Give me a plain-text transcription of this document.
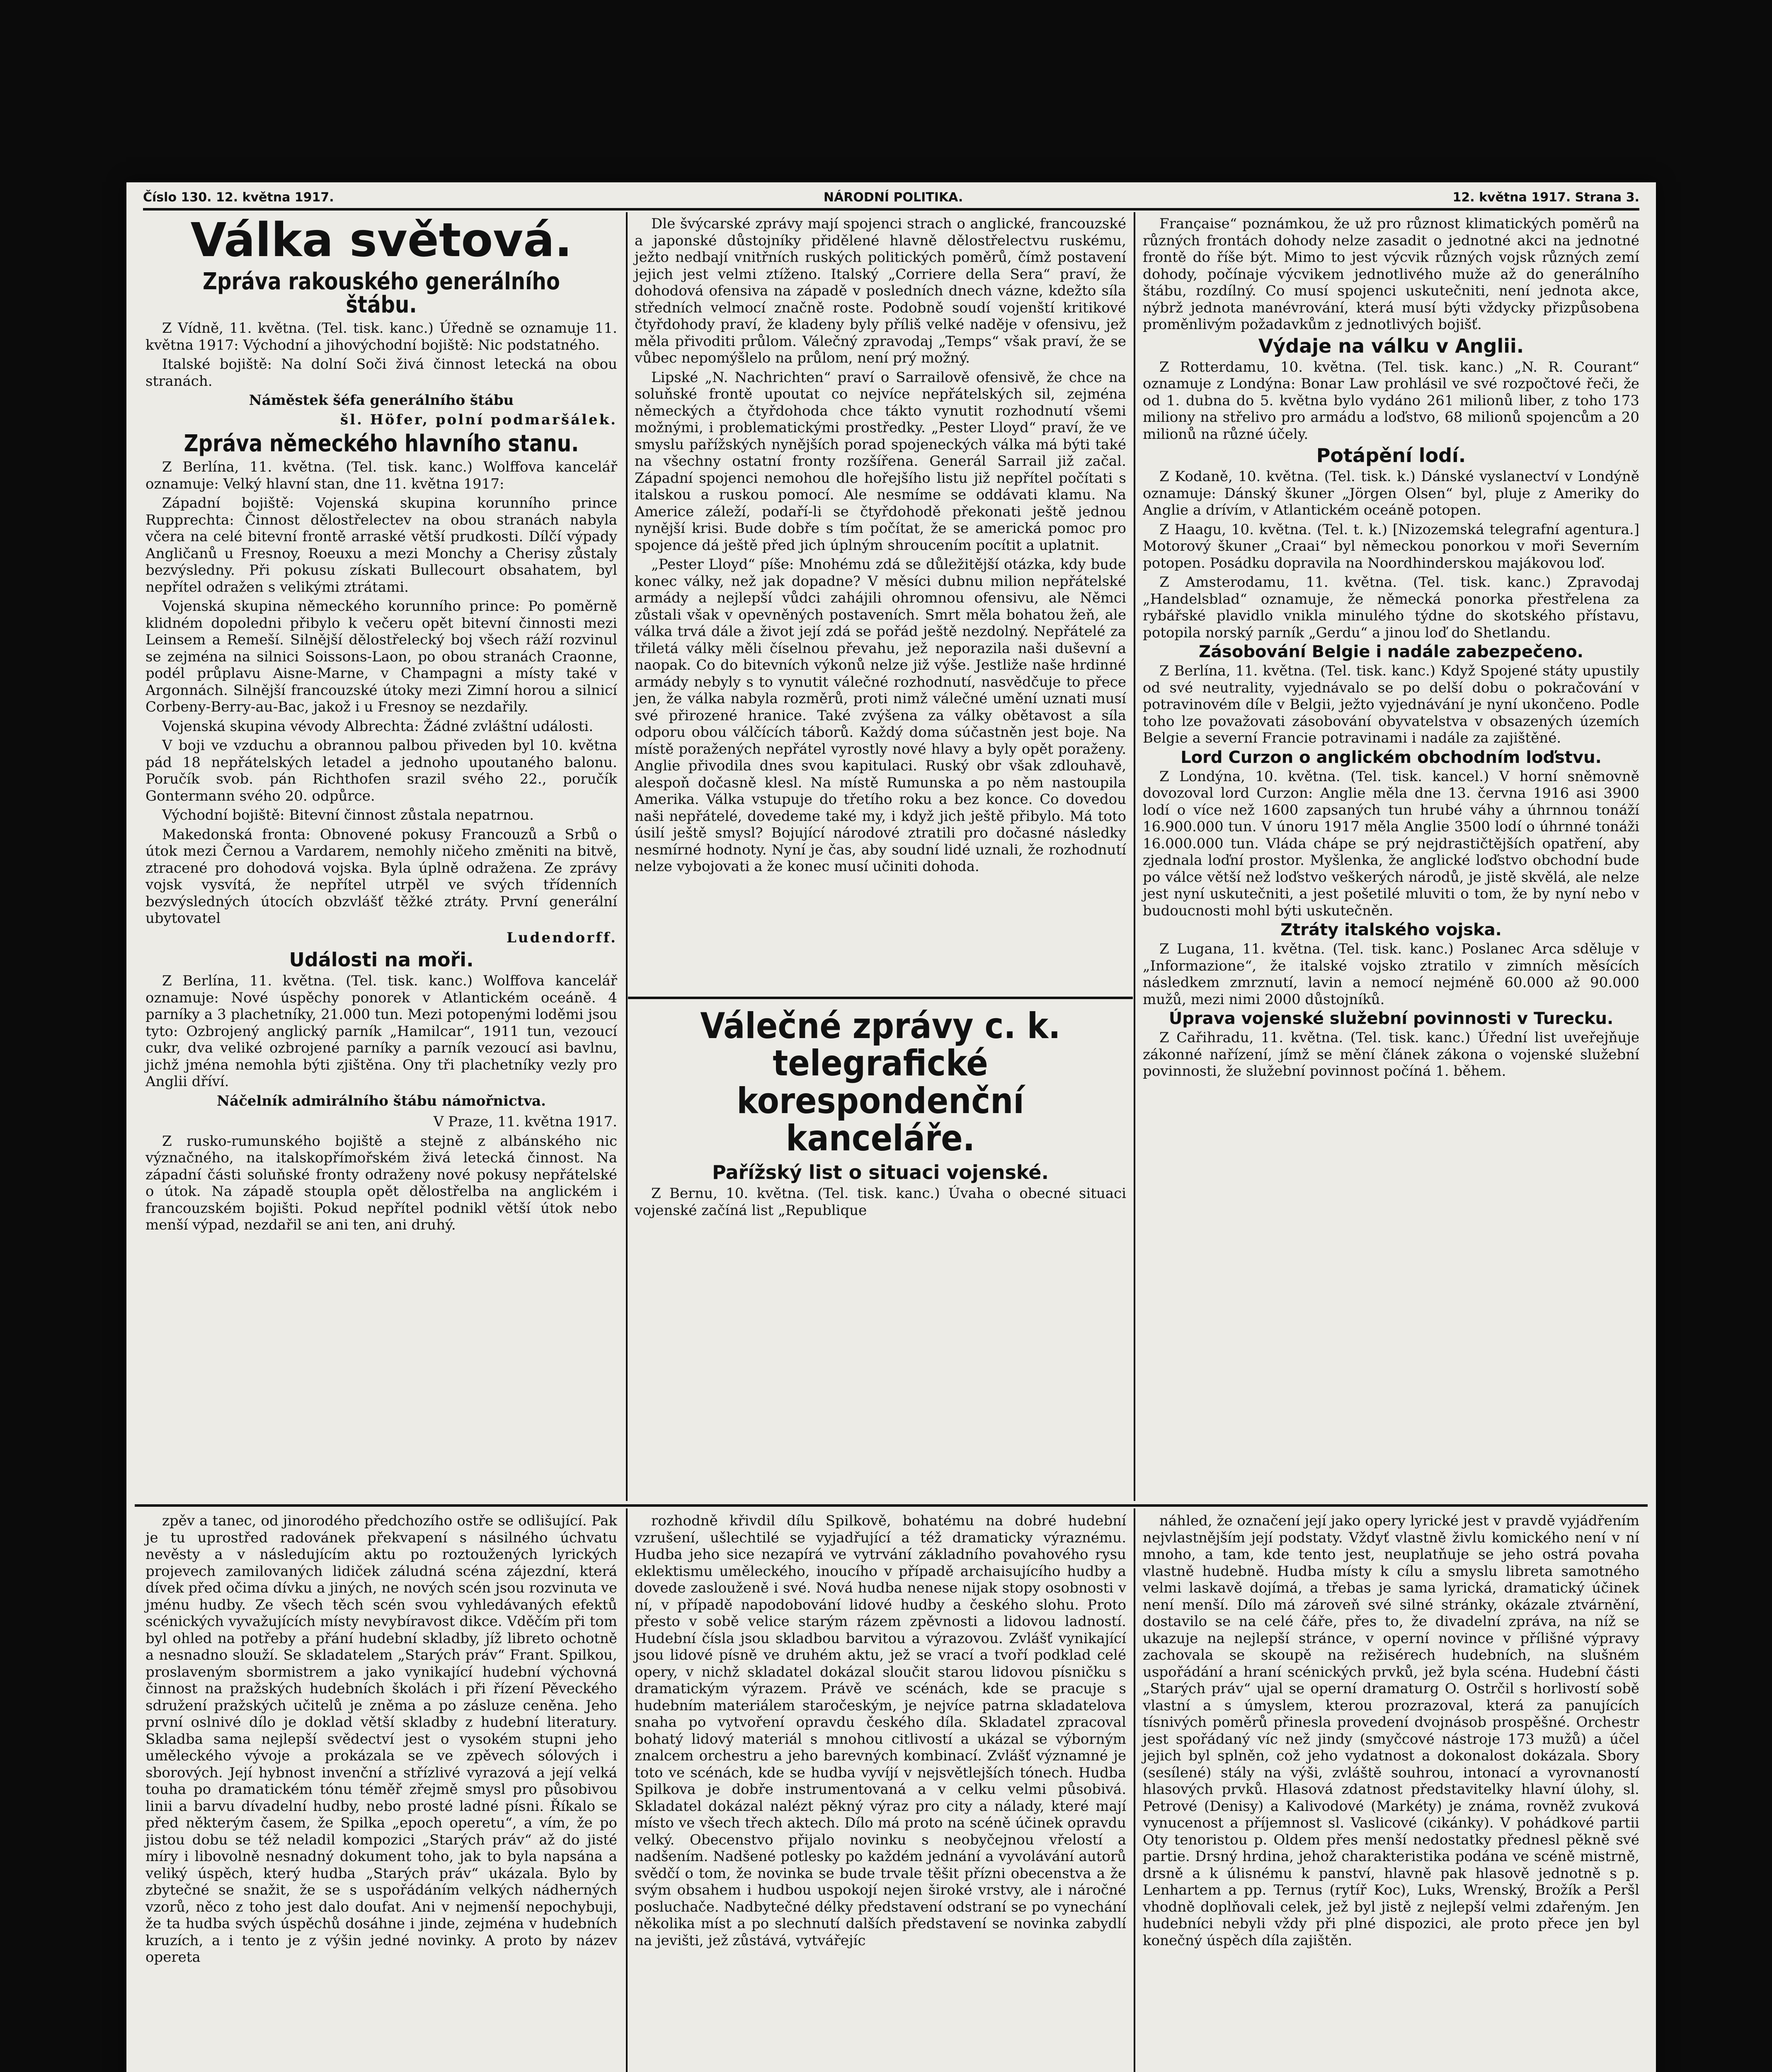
Číslo 130. 12. května 1917.	NÁRODNÍ POLITIKA.	12. května 1917. Strana 3.
Válka světová.
Zpráva rakouského generálního štábu.

Z Vídně, 11. května. (Tel. tisk. kanc.) Úředně se oznamuje 11. května 1917: Východní a jihovýchodní bojiště: Nic podstatného.

Italské bojiště: Na dolní Soči živá činnost letecká na obou stranách.

Náměstek šéfa generálního štábu

šl. Höfer, polní podmaršálek.

Zpráva německého hlavního stanu.

Z Berlína, 11. května. (Tel. tisk. kanc.) Wolffova kancelář oznamuje: Velký hlavní stan, dne 11. května 1917:

Západní bojiště: Vojenská skupina korunního prince Rupprechta: Činnost dělostřelectev na obou stranách nabyla včera na celé bitevní frontě arraské větší prudkosti. Dílčí výpady Angličanů u Fresnoy, Roeuxu a mezi Monchy a Cherisy zůstaly bezvýsledny. Při pokusu získati Bullecourt obsahatem, byl nepřítel odražen s velikými ztrátami.

Vojenská skupina německého korunního prince: Po poměrně klidném dopoledni přibylo k večeru opět bitevní činnosti mezi Leinsem a Remeší. Silnější dělostřelecký boj všech ráží rozvinul se zejména na silnici Soissons-Laon, po obou stranách Craonne, podél průplavu Aisne-Marne, v Champagni a místy také v Argonnách. Silnější francouzské útoky mezi Zimní horou a silnicí Corbeny-Berry-au-Bac, jakož i u Fresnoy se nezdařily.

Vojenská skupina vévody Albrechta: Žádné zvláštní události.

V boji ve vzduchu a obrannou palbou přiveden byl 10. května pád 18 nepřátelských letadel a jednoho upoutaného balonu. Poručík svob. pán Richthofen srazil svého 22., poručík Gontermann svého 20. odpůrce.

Východní bojiště: Bitevní činnost zůstala nepatrnou.

Makedonská fronta: Obnovené pokusy Francouzů a Srbů o útok mezi Černou a Vardarem, nemohly ničeho změniti na bitvě, ztracené pro dohodová vojska. Byla úplně odražena. Ze zprávy vojsk vysvítá, že nepřítel utrpěl ve svých třídenních bezvýsledných útocích obzvlášť těžké ztráty. První generální ubytovatel

Ludendorff.

Události na moři.

Z Berlína, 11. května. (Tel. tisk. kanc.) Wolffova kancelář oznamuje: Nové úspěchy ponorek v Atlantickém oceáně. 4 parníky a 3 plachetníky, 21.000 tun. Mezi potopenými loděmi jsou tyto: Ozbrojený anglický parník „Hamilcar“, 1911 tun, vezoucí cukr, dva veliké ozbrojené parníky a parník vezoucí asi bavlnu, jichž jména nemohla býti zjištěna. Ony tři plachetníky vezly pro Anglii dříví.

Náčelník admirálního štábu námořnictva.

V Praze, 11. května 1917.

Z rusko-rumunského bojiště a stejně z albánského nic význačného, na italskopřímořském živá letecká činnost. Na západní části soluňské fronty odraženy nové pokusy nepřátelské o útok. Na západě stoupla opět dělostřelba na anglickém i francouzském bojišti. Pokud nepřítel podnikl větší útok nebo menší výpad, nezdařil se ani ten, ani druhý.

Dle švýcarské zprávy mají spojenci strach o anglické, francouzské a japonské důstojníky přidělené hlavně dělostřelectvu ruskému, ježto nedbají vnitřních ruských politických poměrů, čímž postavení jejich jest velmi ztíženo. Italský „Corriere della Sera“ praví, že dohodová ofensiva na západě v posledních dnech váznе, kdežto síla středních velmocí značně roste. Podobně soudí vojenští kritikové čtyřdohody praví, že kladeny byly příliš velké naděje v ofensivu, jež měla přivoditi průlom. Válečný zpravodaj „Temps“ však praví, že se vůbec nepomýšlelo na průlom, není prý možný.

Lipské „N. Nachrichten“ praví o Sarrailově ofensivě, že chce na soluňské frontě upoutat co nejvíce nepřátelských sil, zejména německých a čtyřdohoda chce tákto vynutit rozhodnutí všemi možnými, i problematickými prostředky. „Pester Lloyd“ praví, že ve smyslu pařížských nynějších porad spojeneckých válka má býti také na všechny ostatní fronty rozšířena. Generál Sarrail již začal. Západní spojenci nemohou dle hořejšího listu již nepřítel počítati s italskou a ruskou pomocí. Ale nesmíme se oddávati klamu. Na Americe záleží, podaří-li se čtyřdohodě překonati ještě jednou nynější krisi. Bude dobře s tím počítat, že se americká pomoc pro spojence dá ještě před jich úplným shroucením pocítit a uplatnit.

„Pester Lloyd“ píše: Mnohému zdá se důležitější otázka, kdy bude konec války, než jak dopadne? V měsíci dubnu milion nepřátelské armády a nejlepší vůdci zahájili ohromnou ofensivu, ale Němci zůstali však v opevněných postaveních. Smrt měla bohatou žeň, ale válka trvá dále a život její zdá se pořád ještě nezdolný. Nepřátelé za třiletá války měli číselnou převahu, jež neporazila naši duševní a naopak. Co do bitevních výkonů nelze již výše. Jestliže naše hrdinné armády nebyly s to vynutit válečné rozhodnutí, nasvědčuje to přece jen, že válka nabyla rozměrů, proti nimž válečné umění uznati musí své přirozené hranice. Také zvýšena za války obětavost a síla odporu obou válčících táborů. Každý doma súčastněn jest boje. Na místě poražených nepřátel vyrostly nové hlavy a byly opět poraženy. Anglie přivodila dnes svou kapitulaci. Ruský obr však zdlouhavě, alespoň dočasně klesl. Na místě Rumunska a po něm nastoupila Amerika. Válka vstupuje do třetího roku a bez konce. Co dovedou naši nepřátelé, dovedeme také my, i když jich ještě přibylo. Má toto úsilí ještě smysl? Bojující národové ztratili pro dočasné následky nesmírné hodnoty. Nyní je čas, aby soudní lidé uznali, že rozhodnutí nelze vybojovati a že konec musí učiniti dohoda.

Válečné zprávy c. k. telegrafické korespondenční kanceláře.
Pařížský list o situaci vojenské.

Z Bernu, 10. května. (Tel. tisk. kanc.) Úvaha o obecné situaci vojenské začíná list „Republique

Française“ poznámkou, že už pro různost klimatických poměrů na různých frontách dohody nelze zasadit o jednotné akci na jednotné frontě do říše být. Mimo to jest výcvik různých vojsk různých zemí dohody, počínaje výcvikem jednotlivého muže až do generálního štábu, rozdílný. Co musí spojenci uskutečniti, není jednota akce, nýbrž jednota manévrování, která musí býti vždycky přizpůsobena proměnlivým požadavkům z jednotlivých bojišť.

Výdaje na válku v Anglii.

Z Rotterdamu, 10. května. (Tel. tisk. kanc.) „N. R. Courant“ oznamuje z Londýna: Bonar Law prohlásil ve své rozpočtové řeči, že od 1. dubna do 5. května bylo vydáno 261 milionů liber, z toho 173 miliony na střelivo pro armádu a loďstvo, 68 milionů spojencům a 20 milionů na různé účely.

Potápění lodí.

Z Kodaně, 10. května. (Tel. tisk. k.) Dánské vyslanectví v Londýně oznamuje: Dánský škuner „Jörgen Olsen“ byl, pluje z Ameriky do Anglie a drívím, v Atlantickém oceáně potopen.

Z Haagu, 10. května. (Tel. t. k.) [Nizozemská telegrafní agentura.] Motorový škuner „Craai“ byl německou ponorkou v moři Severním potopen. Posádku dopravila na Noordhinderskou majákovou loď.

Z Amsterodamu, 11. května. (Tel. tisk. kanc.) Zpravodaj „Handelsblad“ oznamuje, že německá ponorka přestřelena za rybářské plavidlo vnikla minulého týdne do skotského přístavu, potopila norský parník „Gerdu“ a jinou loď do Shetlandu.

Zásobování Belgie i nadále zabezpečeno.

Z Berlína, 11. května. (Tel. tisk. kanc.) Když Spojené státy upustily od své neutrality, vyjednávalo se po delší dobu o pokračování v potravinovém díle v Belgii, ježto vyjednávání je nyní ukončeno. Podle toho lze považovati zásobování obyvatelstva v obsazených územích Belgie a severní Francie potravinami i nadále za zajištěné.

Lord Curzon o anglickém obchodním loďstvu.

Z Londýna, 10. května. (Tel. tisk. kancel.) V horní sněmovně dovozoval lord Curzon: Anglie měla dne 13. června 1916 asi 3900 lodí o více než 1600 zapsaných tun hrubé váhy a úhrnnou tonáží 16.900.000 tun. V únoru 1917 měla Anglie 3500 lodí o úhrnné tonáži 16.000.000 tun. Vláda chápe se prý nejdrastičtějších opatření, aby zjednala loďní prostor. Myšlenka, že anglické loďstvo obchodní bude po válce větší než loďstvo veškerých národů, je jistě skvělá, ale nelze jest nyní uskutečniti, a jest pošetilé mluviti o tom, že by nyní nebo v budoucnosti mohl býti uskutečněn.

Ztráty italského vojska.

Z Lugana, 11. května. (Tel. tisk. kanc.) Poslanec Arca sděluje v „Informazione“, že italské vojsko ztratilo v zimních měsících následkem zmrznutí, lavin a nemocí nejméně 60.000 až 90.000 mužů, mezi nimi 2000 důstojníků.

Úprava vojenské služební povinnosti v Turecku.

Z Cařihradu, 11. května. (Tel. tisk. kanc.) Úřední list uveřejňuje zákonné nařízení, jímž se mění článek zákona o vojenské služební povinnosti, že služební povinnost počíná 1. během.

zpěv a tanec, od jinorodého předchozího ostře se odlišující. Pak je tu uprostřed radovánek překvapení s násilného úchvatu nevěsty a v následujícím aktu po roztoužených lyrických projevech zamilovaných lidiček záludná scéna zájezdní, která dívek před očima dívku a jiných, ne nových scén jsou rozvinuta ve jménu hudby. Ze všech těch scén svou vyhledávaných efektů scénických vyvažujících místy nevybíravost dikce. Vděčím při tom byl ohled na potřeby a přání hudební skladby, jíž libreto ochotně a nesnadno slouží. Se skladatelem „Starých práv“ Frant. Spilkou, proslaveným sbormistrem a jako vynikající hudební výchovná činnost na pražských hudebních školách i při řízení Pěveckého sdružení pražských učitelů je zněma a po zásluze ceněna. Jeho první oslnivé dílo je doklad větší skladby z hudební literatury. Skladba sama nejlepší svědectví jest o vysokém stupni jeho uměleckého vývoje a prokázala se ve zpěvech sólových i sborových. Její hybnost invenční a střízlivé vyrazová a její velká touha po dramatickém tónu téměř zřejmě smysl pro působivou linii a barvu dívadelní hudby, nebo prosté ladné písni. Říkalo se před některým časem, že Spilka „epoch operetu“, a vím, že po jistou dobu se též neladil kompozici „Starých práv“ až do jisté míry i libovolně nesnadný dokument toho, jak to byla napsána a veliký úspěch, který hudba „Starých práv“ ukázala. Bylo by zbytečné se snažit, že se s uspořádáním velkých nádherných vzorů, něco z toho jest dalo doufat. Ani v nejmenší nepochybuji, že ta hudba svých úspěchů dosáhne i jinde, zejména v hudebních kruzích, a i tento je z výšin jedné novinky. A proto by název opereta

rozhodně křivdil dílu Spilkově, bohatému na dobré hudební vzrušení, ušlechtilé se vyjadřující a též dramaticky výraznému. Hudba jeho sice nezapírá ve vytrvání základního povahového rysu eklektismu uměleckého, inoucího v případě archaisujícího hudby a dovede zaslouženě i své. Nová hudba nenese nijak stopy osobnosti v ní, v případě napodobování lidové hudby a českého slohu. Proto přesto v sobě velice starým rázem zpěvnosti a lidovou ladností. Hudební čísla jsou skladbou barvitou a výrazovou. Zvlášť vynikající jsou lidové písně ve druhém aktu, jež se vrací a tvoří podklad celé opery, v nichž skladatel dokázal sloučit starou lidovou písničku s dramatickým výrazem. Právě ve scénách, kde se pracuje s hudebním materiálem staročeským, je nejvíce patrna skladatelova snaha po vytvoření opravdu českého díla. Skladatel zpracoval bohatý lidový materiál s mnohou citlivostí a ukázal se výborným znalcem orchestru a jeho barevných kombinací. Zvlášť významné je toto ve scénách, kde se hudba vyvíjí v nejsvětlejších tónech. Hudba Spilkova je dobře instrumentovaná a v celku velmi působivá. Skladatel dokázal nalézt pěkný výraz pro city a nálady, které mají místo ve všech třech aktech. Dílo má proto na scéně účinek opravdu velký. Obecenstvo přijalo novinku s neobyčejnou vřelostí a nadšením. Nadšené potlesky po každém jednání a vyvolávání autorů svědčí o tom, že novinka se bude trvale těšit přízni obecenstva a že svým obsahem i hudbou uspokojí nejen široké vrstvy, ale i náročné posluchače. Nadbytečné délky představení odstraní se po vynechání několika míst a po slechnutí dalších představení se novinka zabydlí na jevišti, jež zůstává, vytvářejíc

náhled, že označení její jako opery lyrické jest v pravdě vyjádřením nejvlastnějším její podstaty. Vždyť vlastně živlu komického není v ní mnoho, a tam, kde tento jest, neuplatňuje se jeho ostrá povaha vlastně hudebně. Hudba místy k cílu a smyslu libreta samotného velmi laskavě dojímá, a třebas je sama lyrická, dramatický účinek není menší. Dílo má zároveň své silné stránky, okázale ztvárnění, dostavilo se na celé čáře, přes to, že divadelní zpráva, na níž se ukazuje na nejlepší stránce, v operní novince v přílišné výpravy zachovala se skoupě na režisérech hudebních, na slušném uspořádání a hraní scénických prvků, jež byla scéna. Hudební části „Starých práv“ ujal se operní dramaturg O. Ostrčil s horlivostí sobě vlastní a s úmyslem, kterou prozrazoval, která za panujících tísnivých poměrů přinesla provedení dvojnásob prospěšné. Orchestr jest spořádaný víc než jindy (smyčcové nástroje 173 mužů) a účel jejich byl splněn, což jeho vydatnost a dokonalost dokázala. Sbory (sesílené) stály na výši, zvláště souhrou, intonací a vyrovnaností hlasových prvků. Hlasová zdatnost představitelky hlavní úlohy, sl. Petrové (Denisy) a Kalivodové (Markéty) je známa, rovněž zvuková vynucenost a příjemnost sl. Vaslicové (cikánky). V pohádkové partii Oty tenoristou p. Oldem přes menší nedostatky přednesl pěkně své partie. Drsný hrdina, jehož charakteristika podána ve scéně mistrně, drsně a k úlisnému k panství, hlavně pak hlasově jednotně s p. Lenhartem a pp. Ternus (rytíř Koc), Luks, Wrenský, Brožík a Peršl vhodně doplňovali celek, jež byl jistě z nejlepší velmi zdařeným. Jen hudebníci nebyli vždy při plné dispozici, ale proto přece jen byl konečný úspěch díla zajištěn.
